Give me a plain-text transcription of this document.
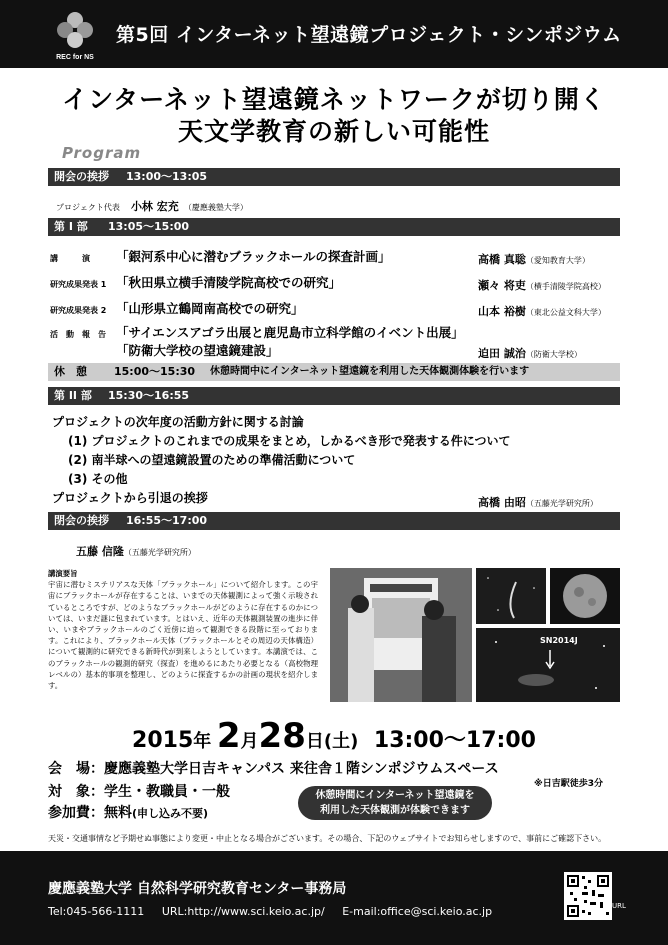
REC for NS
第5回 インターネット望遠鏡プロジェクト・シンポジウム
インターネット望遠鏡ネットワークが切り開く
天文学教育の新しい可能性
Program
開会の挨拶 13:00～13:05
プロジェクト代表 小林 宏充 （慶應義塾大学）
第 I 部 13:05～15:00
講　　　演 「銀河系中心に潜むブラックホールの探査計画」	高橋 真聡（愛知教育大学）
研究成果発表 1 「秋田県立横手清陵学院高校での研究」	瀬々 将吏（横手清陵学院高校）
研究成果発表 2 「山形県立鶴岡南高校での研究」	山本 裕樹（東北公益文科大学）
活　動　報　告 「サイエンスアゴラ出展と鹿児島市立科学館のイベント出展」
「防衛大学校の望遠鏡建設」	迫田 誠治（防衛大学校）
休　憩 15:00～15:30 休憩時間中にインターネット望遠鏡を利用した天体観測体験を行います
第 II 部 15:30～16:55
プロジェクトの次年度の活動方針に関する討論
(1) プロジェクトのこれまでの成果をまとめ，しかるべき形で発表する件について
(2) 南半球への望遠鏡設置のための準備活動について
(3) その他
プロジェクトから引退の挨拶	高橋 由昭（五藤光学研究所）
閉会の挨拶 16:55～17:00
五藤 信隆（五藤光学研究所）
講演要旨
宇宙に潜むミステリアスな天体「ブラックホール」について紹介します。この宇宙にブラックホールが存在することは、いまでの天体観測によって強く示唆されているところですが、どのようなブラックホールがどのように存在するのかについては、いまだ謎に包まれています。とはいえ、近年の天体観測装置の進歩に伴い、いまやブラックホールのごく近傍に迫って観測できる段階に至っております。これにより、ブラックホール天体（ブラックホールとその周辺の天体構造）について観測的に研究できる新時代が到来しようとしています。本講演では、このブラックホールの観測的研究（探査）を進めるにあたり必要となる（高校物理レベルの）基本的事項を整理し、どのように探査するかの計画の現状を紹介します。
SN2014J
2015年 2月28日(土) 13:00～17:00
会　場：慶應義塾大学日吉キャンパス 来往舎１階シンポジウムスペース
※日吉駅徒歩3分
対　象：学生・教職員・一般
参加費：無料(申し込み不要)
休憩時間にインターネット望遠鏡を
利用した天体観測が体験できます
天災・交通事情など予期せぬ事態により変更・中止となる場合がございます。その場合、下記のウェブサイトでお知らせしますので、事前にご確認下さい。
慶應義塾大学 自然科学研究教育センター事務局
Tel:045-566-1111 URL:http://www.sci.keio.ac.jp/ E-mail:office@sci.keio.ac.jp	URL
